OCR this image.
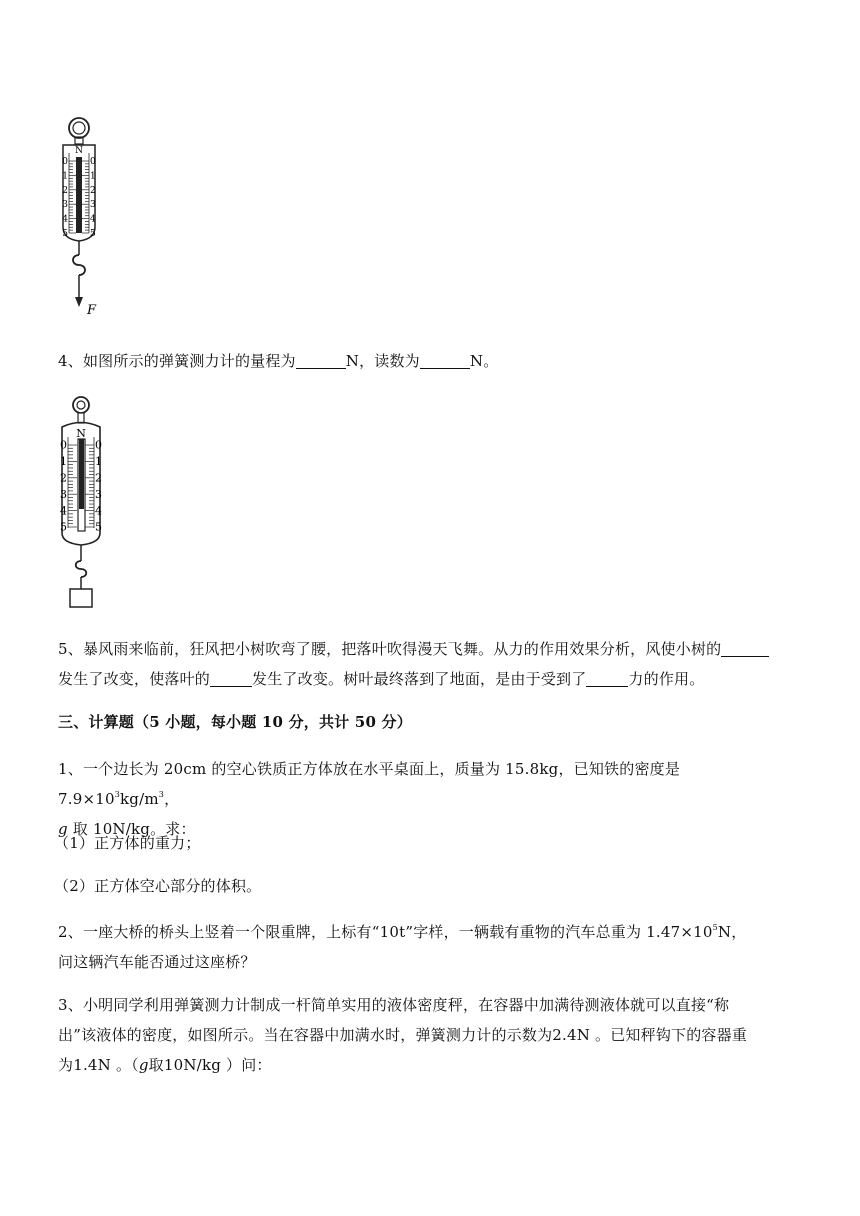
N
0 0
1 1
2 2
3 3
4 4
5 5
F
4、如图所示的弹簧测力计的量程为	N，读数为	N。
N
0	0
1	1
2	2
3	3
4	4
5	5
5、暴风雨来临前，狂风把小树吹弯了腰，把落叶吹得漫天飞舞。从力的作用效果分析，风使小树的
发生了改变，使落叶的	发生了改变。树叶最终落到了地面，是由于受到了	力的作用。
三、计算题（5 小题，每小题 10 分，共计 50 分）
1、一个边长为 20cm 的空心铁质正方体放在水平桌面上，质量为 15.8kg，已知铁的密度是 $7.9\times 10^3kg/m^3$，
g 取 10N/kg。求：
（1）正方体的重力；
（2）正方体空心部分的体积。
2、一座大桥的桥头上竖着一个限重牌，上标有“10t”字样，一辆载有重物的汽车总重为 $1.47\times 10^5N$，
问这辆汽车能否通过这座桥？
3、小明同学利用弹簧测力计制成一杆简单实用的液体密度秤，在容器中加满待测液体就可以直接“称
出”该液体的密度，如图所示。当在容器中加满水时，弹簧测力计的示数为2.4N 。已知秤钩下的容器重
为1.4N 。（g取10N/kg ）问：
